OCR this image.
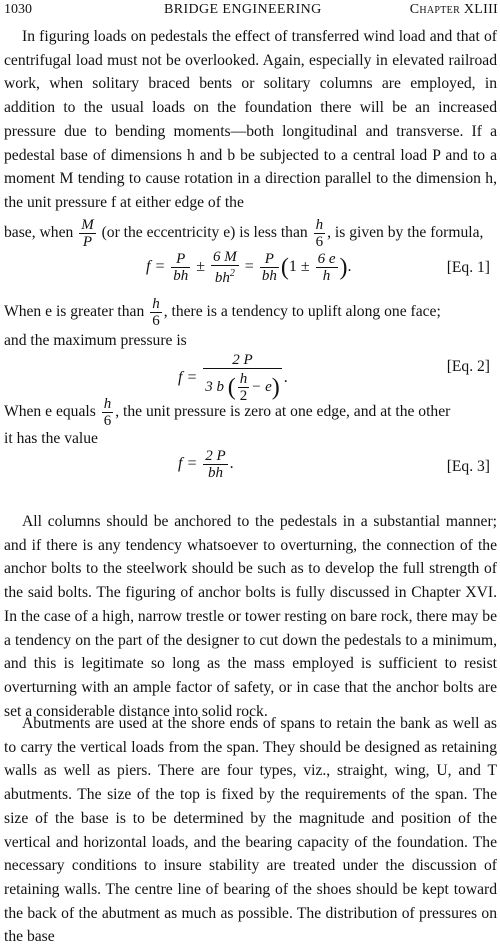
1030	BRIDGE ENGINEERING	Chapter XLIII

In figuring loads on pedestals the effect of transferred wind load and that of centrifugal load must not be overlooked. Again, especially in elevated railroad work, when solitary braced bents or solitary columns are employed, in addition to the usual loads on the foundation there will be an increased pressure due to bending moments—both longitudinal and transverse. If a pedestal base of dimensions h and b be subjected to a central load P and to a moment M tending to cause rotation in a direction parallel to the dimension h, the unit pressure f at either edge of the

base, when $\frac{M}{P} (or$ the eccentricity e) is less than $\frac{h}{6}$ , is given by the formula,

$f = \frac{P}{bh} \pm \frac{6 M}{bh^2} = \frac{P}{bh} (1 \pm \frac{6 e}{h}$ ).	[Eq. 1]
When e is greater than $\frac{h}{6}$ , there is a tendency to uplift along one face;
and the maximum pressure is
$f = \frac{2 P}{3 b ( \frac{h}{2} - e)}$ .
[Eq. 2]
When e equals $\frac{h}{6}$ , the unit pressure is zero at one edge, and at the other
it has the value
$f = \frac{2 P}{bh}$ .	[Eq. 3]

All columns should be anchored to the pedestals in a substantial manner; and if there is any tendency whatsoever to overturning, the connection of the anchor bolts to the steelwork should be such as to develop the full strength of the said bolts. The figuring of anchor bolts is fully discussed in Chapter XVI. In the case of a high, narrow trestle or tower resting on bare rock, there may be a tendency on the part of the designer to cut down the pedestals to a minimum, and this is legitimate so long as the mass employed is sufficient to resist overturning with an ample factor of safety, or in case that the anchor bolts are set a considerable distance into solid rock.

Abutments are used at the shore ends of spans to retain the bank as well as to carry the vertical loads from the span. They should be designed as retaining walls as well as piers. There are four types, viz., straight, wing, U, and T abutments. The size of the top is fixed by the requirements of the span. The size of the base is to be determined by the magnitude and position of the vertical and horizontal loads, and the bearing capacity of the foundation. The necessary conditions to insure stability are treated under the discussion of retaining walls. The centre line of bearing of the shoes should be kept toward the back of the abutment as much as possible. The distribution of pressures on the base
